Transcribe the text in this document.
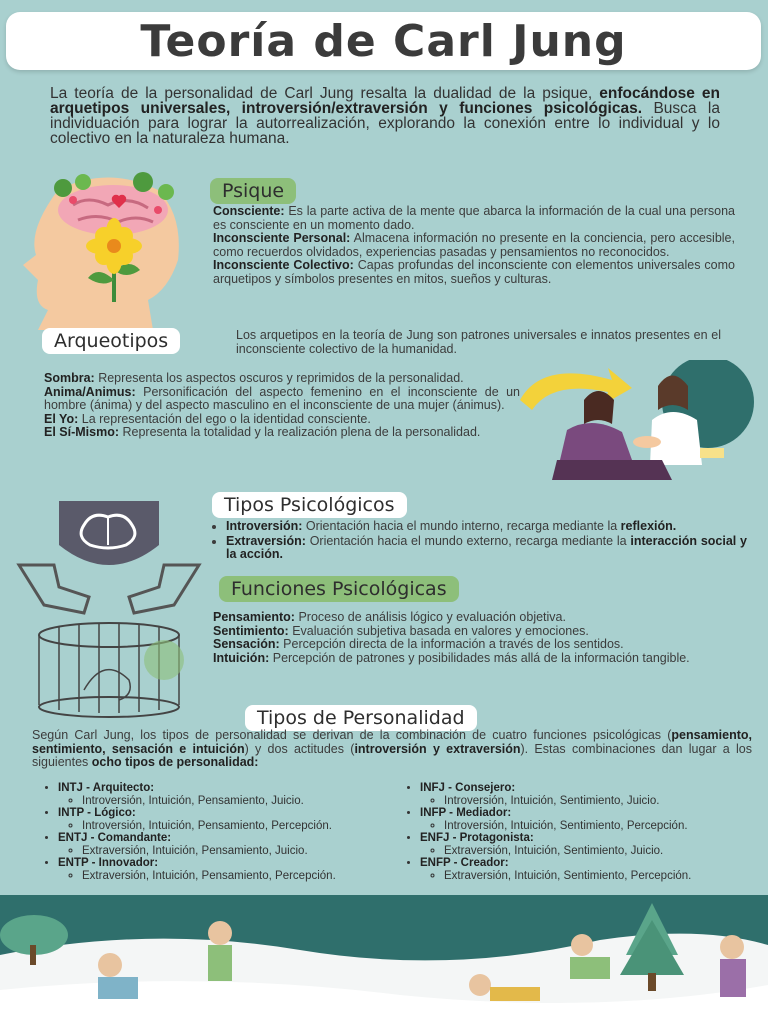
Teoría de Carl Jung
La teoría de la personalidad de Carl Jung resalta la dualidad de la psique, enfocándose en arquetipos universales, introversión/extraversión y funciones psicológicas. Busca la individuación para lograr la autorrealización, explorando la conexión entre lo individual y lo colectivo en la naturaleza humana.
Psique

Consciente: Es la parte activa de la mente que abarca la información de la cual una persona es consciente en un momento dado.

Inconsciente Personal: Almacena información no presente en la conciencia, pero accesible, como recuerdos olvidados, experiencias pasadas y pensamientos no reconocidos.

Inconsciente Colectivo: Capas profundas del inconsciente con elementos universales como arquetipos y símbolos presentes en mitos, sueños y culturas.

Arqueotipos	Los arquetipos en la teoría de Jung son patrones universales e innatos presentes en el inconsciente colectivo de la humanidad.

Sombra: Representa los aspectos oscuros y reprimidos de la personalidad.

Anima/Animus: Personificación del aspecto femenino en el inconsciente de un hombre (ánima) y del aspecto masculino en el inconsciente de una mujer (ánimus).

El Yo: La representación del ego o la identidad consciente.

El Sí-Mismo: Representa la totalidad y la realización plena de la personalidad.

Tipos Psicológicos
• Introversión: Orientación hacia el mundo interno, recarga mediante la reflexión.
• Extraversión: Orientación hacia el mundo externo, recarga mediante la interacción social y la acción.
Funciones Psicológicas

Pensamiento: Proceso de análisis lógico y evaluación objetiva.

Sentimiento: Evaluación subjetiva basada en valores y emociones.

Sensación: Percepción directa de la información a través de los sentidos.

Intuición: Percepción de patrones y posibilidades más allá de la información tangible.

Tipos de Personalidad
Según Carl Jung, los tipos de personalidad se derivan de la combinación de cuatro funciones psicológicas (pensamiento, sentimiento, sensación e intuición) y dos actitudes (introversión y extraversión). Estas combinaciones dan lugar a los siguientes ocho tipos de personalidad:
• INTJ - Arquitecto:
◦ Introversión, Intuición, Pensamiento, Juicio.
• INTP - Lógico:
◦ Introversión, Intuición, Pensamiento, Percepción.
• ENTJ - Comandante:
◦ Extraversión, Intuición, Pensamiento, Juicio.
• ENTP - Innovador:
◦ Extraversión, Intuición, Pensamiento, Percepción.
• INFJ - Consejero:
◦ Introversión, Intuición, Sentimiento, Juicio.
• INFP - Mediador:
◦ Introversión, Intuición, Sentimiento, Percepción.
• ENFJ - Protagonista:
◦ Extraversión, Intuición, Sentimiento, Juicio.
• ENFP - Creador:
◦ Extraversión, Intuición, Sentimiento, Percepción.
